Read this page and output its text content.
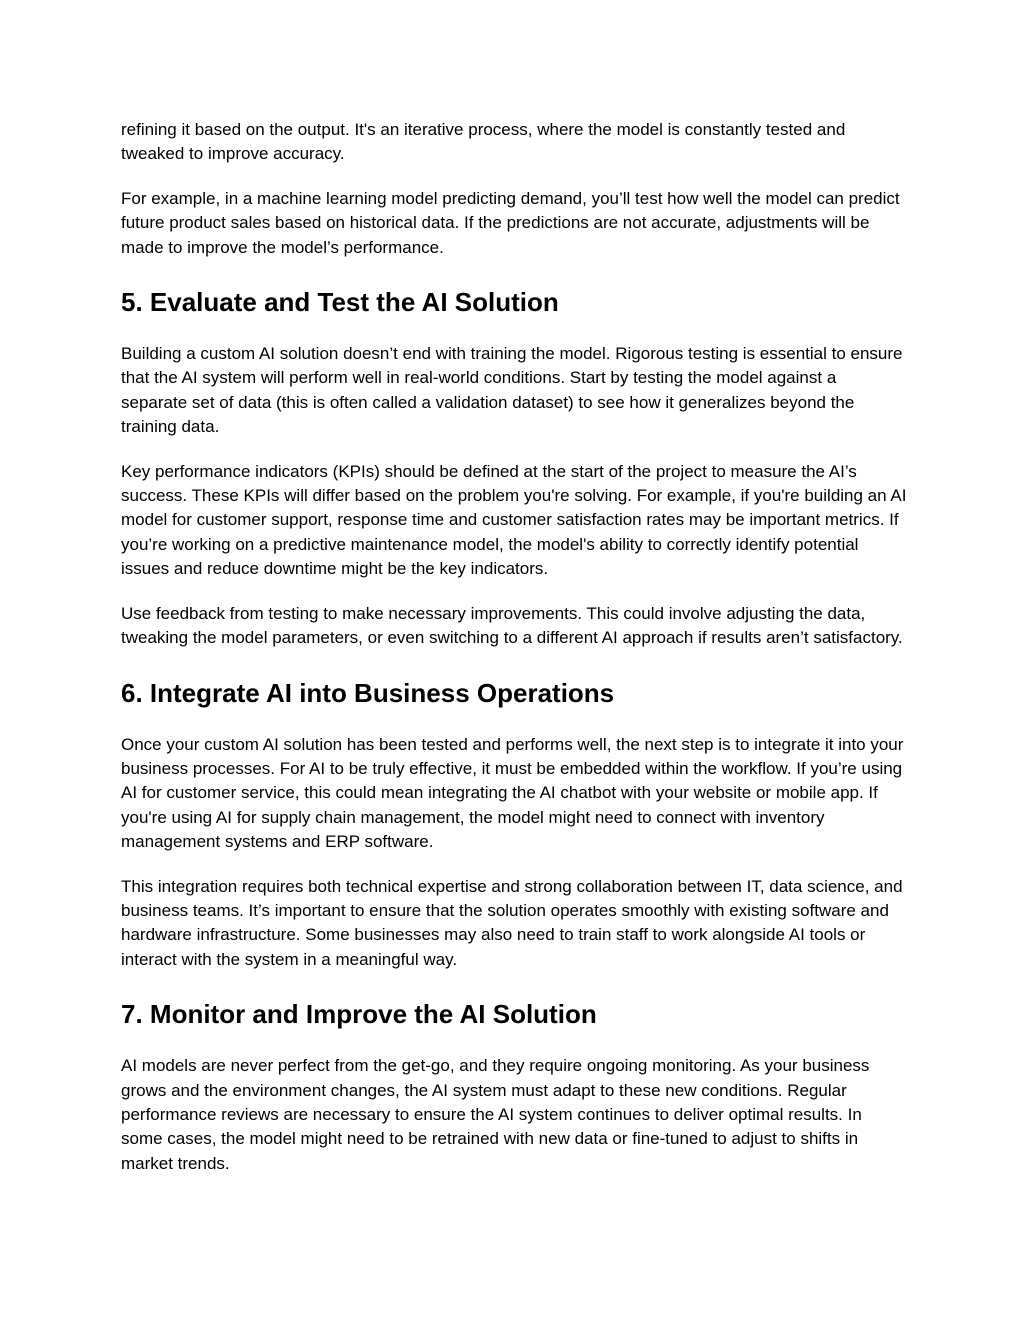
refining it based on the output. It's an iterative process, where the model is constantly tested and tweaked to improve accuracy.

For example, in a machine learning model predicting demand, you’ll test how well the model can predict future product sales based on historical data. If the predictions are not accurate, adjustments will be made to improve the model’s performance.

5. Evaluate and Test the AI Solution

Building a custom AI solution doesn’t end with training the model. Rigorous testing is essential to ensure that the AI system will perform well in real-world conditions. Start by testing the model against a separate set of data (this is often called a validation dataset) to see how it generalizes beyond the training data.

Key performance indicators (KPIs) should be defined at the start of the project to measure the AI’s success. These KPIs will differ based on the problem you're solving. For example, if you're building an AI model for customer support, response time and customer satisfaction rates may be important metrics. If you’re working on a predictive maintenance model, the model's ability to correctly identify potential issues and reduce downtime might be the key indicators.

Use feedback from testing to make necessary improvements. This could involve adjusting the data, tweaking the model parameters, or even switching to a different AI approach if results aren’t satisfactory.

6. Integrate AI into Business Operations

Once your custom AI solution has been tested and performs well, the next step is to integrate it into your business processes. For AI to be truly effective, it must be embedded within the workflow. If you’re using AI for customer service, this could mean integrating the AI chatbot with your website or mobile app. If you're using AI for supply chain management, the model might need to connect with inventory management systems and ERP software.

This integration requires both technical expertise and strong collaboration between IT, data science, and business teams. It’s important to ensure that the solution operates smoothly with existing software and hardware infrastructure. Some businesses may also need to train staff to work alongside AI tools or interact with the system in a meaningful way.

7. Monitor and Improve the AI Solution

AI models are never perfect from the get-go, and they require ongoing monitoring. As your business grows and the environment changes, the AI system must adapt to these new conditions. Regular performance reviews are necessary to ensure the AI system continues to deliver optimal results. In some cases, the model might need to be retrained with new data or fine-tuned to adjust to shifts in market trends.
